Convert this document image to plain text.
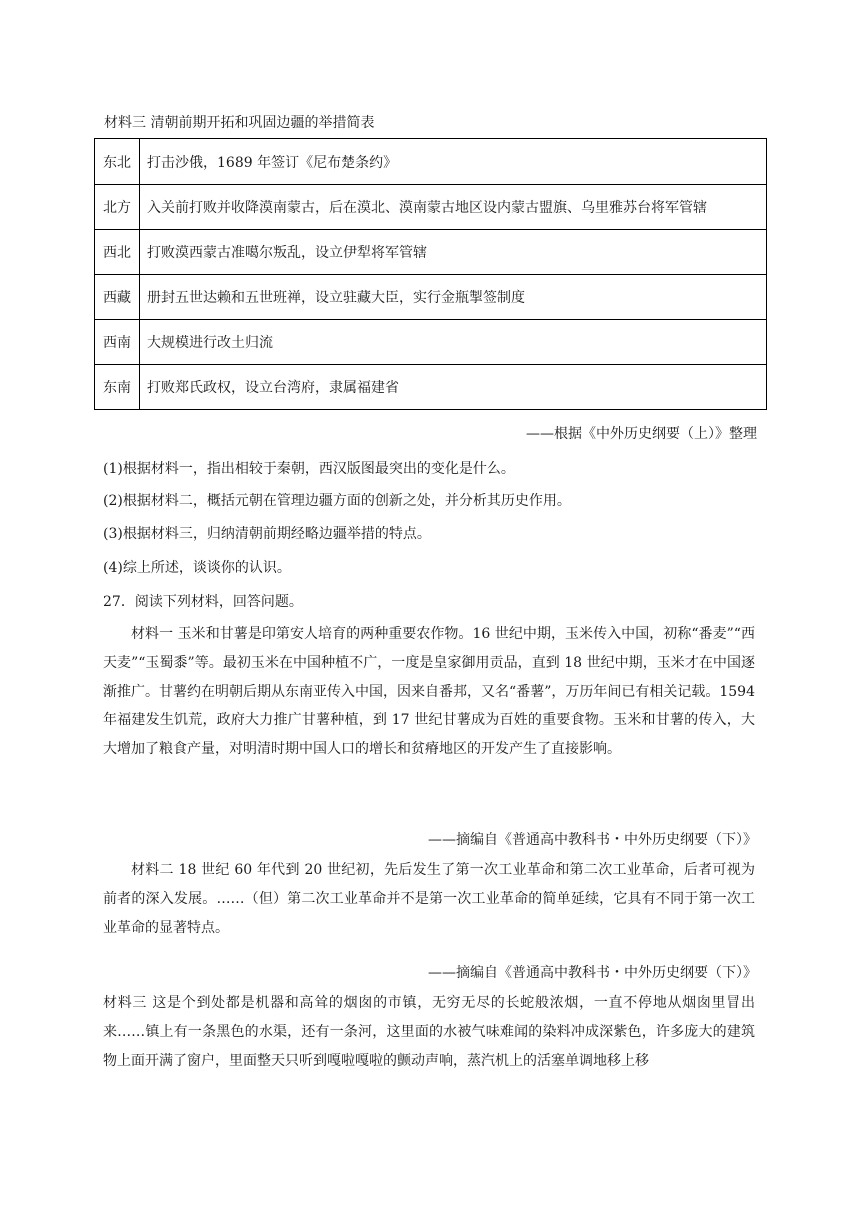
材料三 清朝前期开拓和巩固边疆的举措简表
东北	打击沙俄，1689 年签订《尼布楚条约》
北方	入关前打败并收降漠南蒙古，后在漠北、漠南蒙古地区设内蒙古盟旗、乌里雅苏台将军管辖
西北	打败漠西蒙古准噶尔叛乱，设立伊犁将军管辖
西藏	册封五世达赖和五世班禅，设立驻藏大臣，实行金瓶掣签制度
西南	大规模进行改土归流
东南	打败郑氏政权，设立台湾府，隶属福建省
——根据《中外历史纲要（上）》整理
(1)根据材料一，指出相较于秦朝，西汉版图最突出的变化是什么。
(2)根据材料二，概括元朝在管理边疆方面的创新之处，并分析其历史作用。
(3)根据材料三，归纳清朝前期经略边疆举措的特点。
(4)综上所述，谈谈你的认识。
27．阅读下列材料，回答问题。
材料一 玉米和甘薯是印第安人培育的两种重要农作物。16 世纪中期，玉米传入中国，初称“番麦”“西天麦”“玉蜀黍”等。最初玉米在中国种植不广，一度是皇家御用贡品，直到 18 世纪中期，玉米才在中国逐渐推广。甘薯约在明朝后期从东南亚传入中国，因来自番邦，又名“番薯”，万历年间已有相关记载。1594 年福建发生饥荒，政府大力推广甘薯种植，到 17 世纪甘薯成为百姓的重要食物。玉米和甘薯的传入，大大增加了粮食产量，对明清时期中国人口的增长和贫瘠地区的开发产生了直接影响。
——摘编自《普通高中教科书・中外历史纲要（下）》
材料二 18 世纪 60 年代到 20 世纪初，先后发生了第一次工业革命和第二次工业革命，后者可视为前者的深入发展。……（但）第二次工业革命并不是第一次工业革命的简单延续，它具有不同于第一次工业革命的显著特点。
——摘编自《普通高中教科书・中外历史纲要（下）》
材料三 这是个到处都是机器和高耸的烟囱的市镇，无穷无尽的长蛇般浓烟，一直不停地从烟囱里冒出来……镇上有一条黑色的水渠，还有一条河，这里面的水被气味难闻的染料冲成深紫色，许多庞大的建筑物上面开满了窗户，里面整天只听到嘎啦嘎啦的颤动声响，蒸汽机上的活塞单调地移上移
